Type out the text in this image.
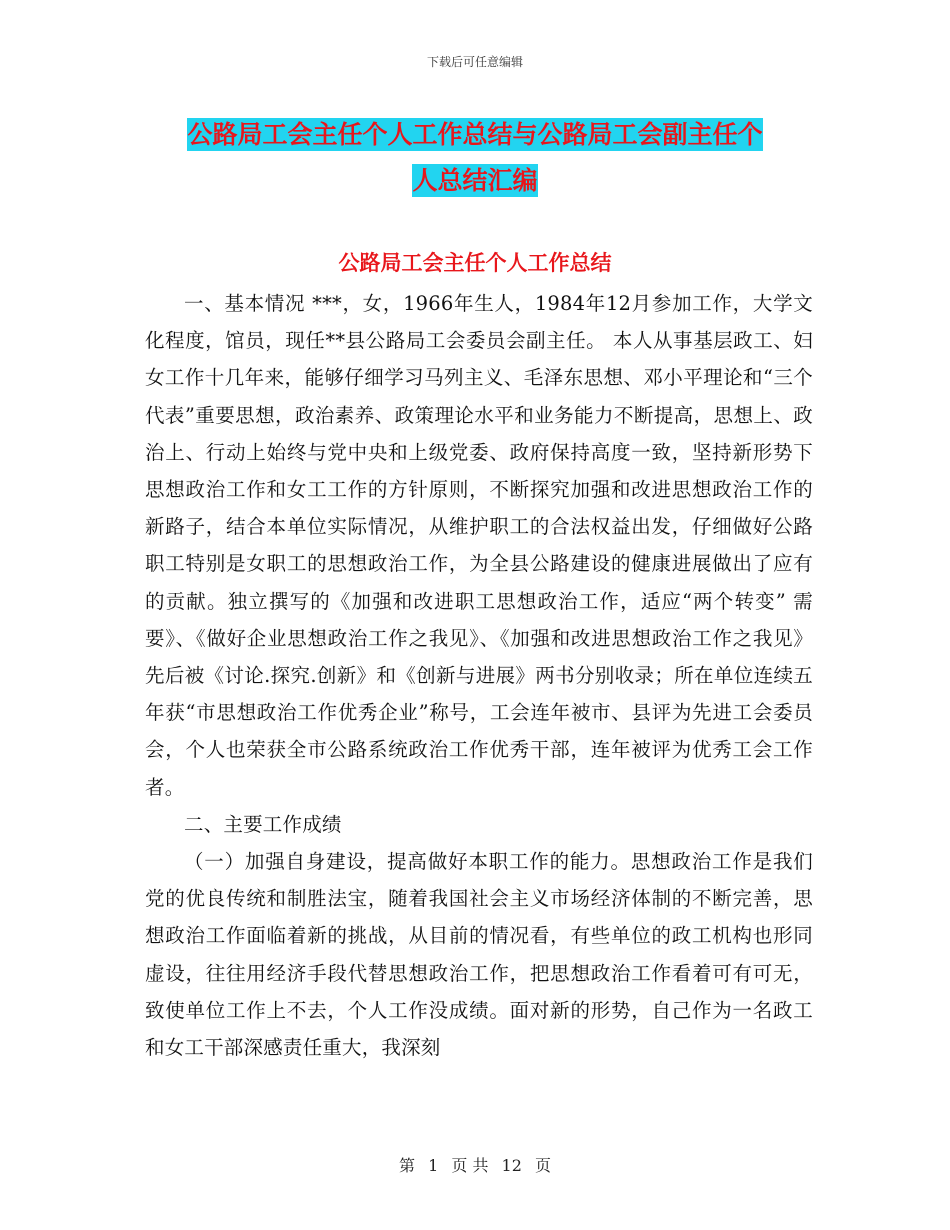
下载后可任意编辑
公路局工会主任个人工作总结与公路局工会副主任个
人总结汇编
公路局工会主任个人工作总结

一、基本情况 ***，女，1966年生人，1984年12月参加工作，大学文化程度，馆员，现任**县公路局工会委员会副主任。 本人从事基层政工、妇女工作十几年来，能够仔细学习马列主义、毛泽东思想、邓小平理论和“三个代表”重要思想，政治素养、政策理论水平和业务能力不断提高，思想上、政治上、行动上始终与党中央和上级党委、政府保持高度一致，坚持新形势下思想政治工作和女工工作的方针原则，不断探究加强和改进思想政治工作的新路子，结合本单位实际情况，从维护职工的合法权益出发，仔细做好公路职工特别是女职工的思想政治工作，为全县公路建设的健康进展做出了应有的贡献。独立撰写的《加强和改进职工思想政治工作，适应“两个转变” 需要》、《做好企业思想政治工作之我见》、《加强和改进思想政治工作之我见》先后被《讨论.探究.创新》和《创新与进展》两书分别收录；所在单位连续五年获“市思想政治工作优秀企业”称号，工会连年被市、县评为先进工会委员会，个人也荣获全市公路系统政治工作优秀干部，连年被评为优秀工会工作者。

二、主要工作成绩

（一）加强自身建设，提高做好本职工作的能力。思想政治工作是我们党的优良传统和制胜法宝，随着我国社会主义市场经济体制的不断完善，思想政治工作面临着新的挑战，从目前的情况看，有些单位的政工机构也形同虚设，往往用经济手段代替思想政治工作，把思想政治工作看着可有可无，致使单位工作上不去，个人工作没成绩。面对新的形势，自己作为一名政工和女工干部深感责任重大，我深刻

第 1 页 共 12 页
